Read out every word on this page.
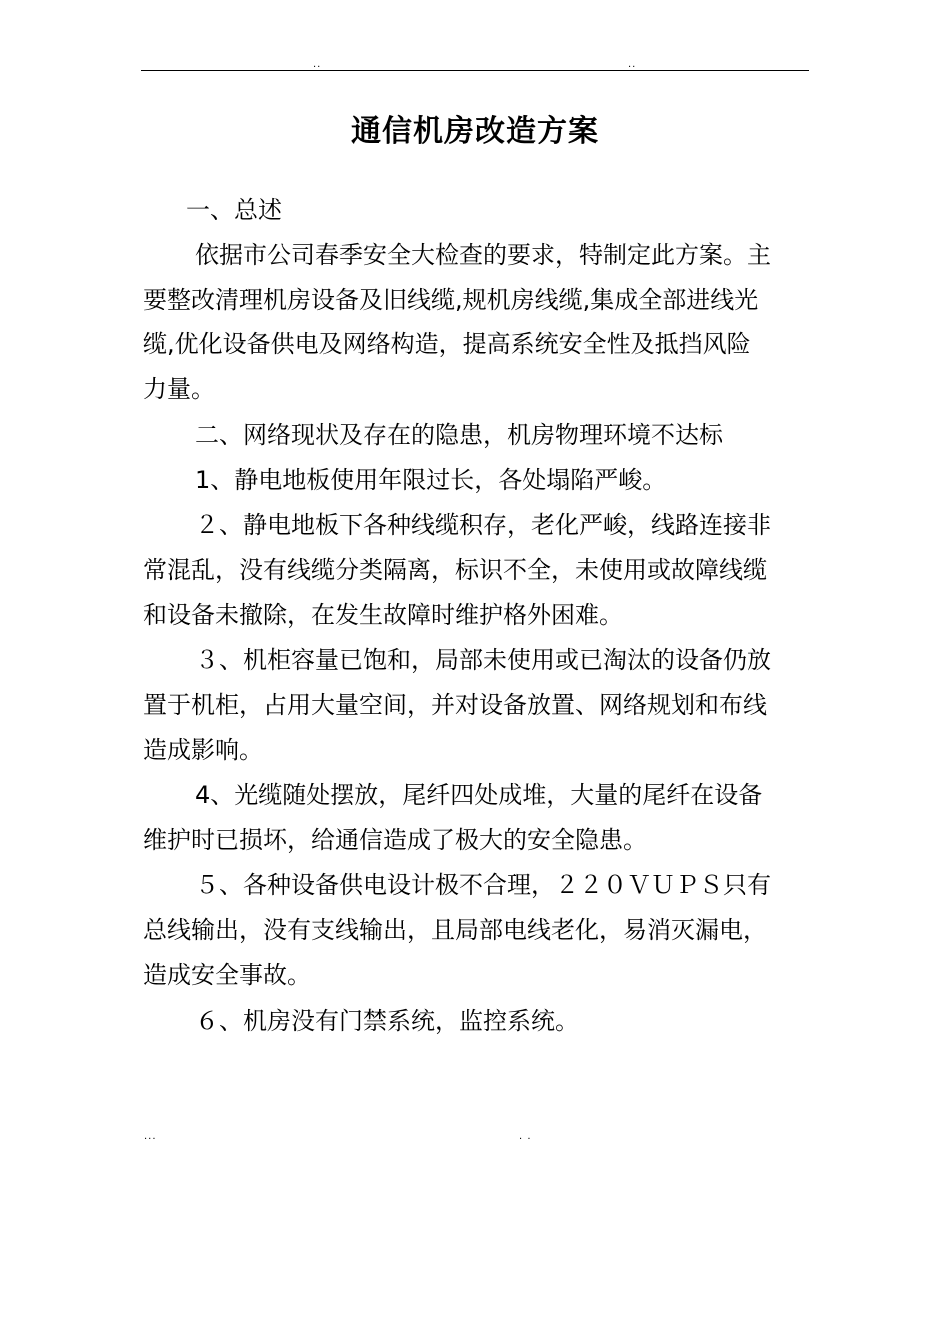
..	..
通信机房改造方案
一、总述
依据市公司春季安全大检查的要求，特制定此方案。主
要整改清理机房设备及旧线缆,规机房线缆,集成全部进线光
缆,优化设备供电及网络构造，提高系统安全性及抵挡风险
力量。
二、网络现状及存在的隐患，机房物理环境不达标
1、静电地板使用年限过长，各处塌陷严峻。
２、静电地板下各种线缆积存，老化严峻，线路连接非
常混乱，没有线缆分类隔离，标识不全，未使用或故障线缆
和设备未撤除，在发生故障时维护格外困难。
３、机柜容量已饱和，局部未使用或已淘汰的设备仍放
置于机柜，占用大量空间，并对设备放置、网络规划和布线
造成影响。
4、光缆随处摆放，尾纤四处成堆，大量的尾纤在设备
维护时已损坏，给通信造成了极大的安全隐患。
５、各种设备供电设计极不合理，２２０ＶＵＰＳ只有
总线输出，没有支线输出，且局部电线老化，易消灭漏电，
造成安全事故。
６、机房没有门禁系统，监控系统。
...	. .
